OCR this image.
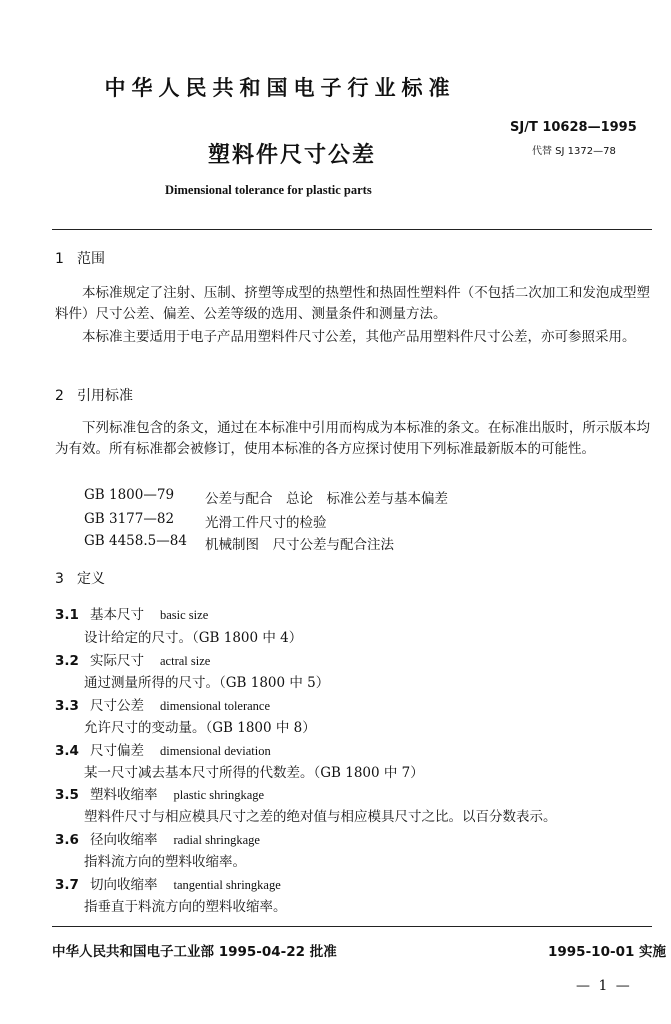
中华人民共和国电子行业标准
SJ/T 10628—1995
代替 SJ 1372—78
塑料件尺寸公差
Dimensional tolerance for plastic parts
1 范围
本标准规定了注射、压制、挤塑等成型的热塑性和热固性塑料件（不包括二次加工和发泡成型塑料件）尺寸公差、偏差、公差等级的选用、测量条件和测量方法。
本标准主要适用于电子产品用塑料件尺寸公差，其他产品用塑料件尺寸公差，亦可参照采用。
2 引用标准
下列标准包含的条文，通过在本标准中引用而构成为本标准的条文。在标准出版时，所示版本均为有效。所有标准都会被修订，使用本标准的各方应探讨使用下列标准最新版本的可能性。
GB 1800—79 公差与配合　总论　标准公差与基本偏差
GB 3177—82 光滑工件尺寸的检验
GB 4458.5—84 机械制图　尺寸公差与配合注法
3 定义
3.1 基本尺寸 basic size
设计给定的尺寸。（GB 1800 中 4）
3.2 实际尺寸 actral size
通过测量所得的尺寸。（GB 1800 中 5）
3.3 尺寸公差 dimensional tolerance
允许尺寸的变动量。（GB 1800 中 8）
3.4 尺寸偏差 dimensional deviation
某一尺寸减去基本尺寸所得的代数差。（GB 1800 中 7）
3.5 塑料收缩率 plastic shringkage
塑料件尺寸与相应模具尺寸之差的绝对值与相应模具尺寸之比。以百分数表示。
3.6 径向收缩率 radial shringkage
指料流方向的塑料收缩率。
3.7 切向收缩率 tangential shringkage
指垂直于料流方向的塑料收缩率。
中华人民共和国电子工业部 1995-04-22 批准	1995-10-01 实施
— 1 —
